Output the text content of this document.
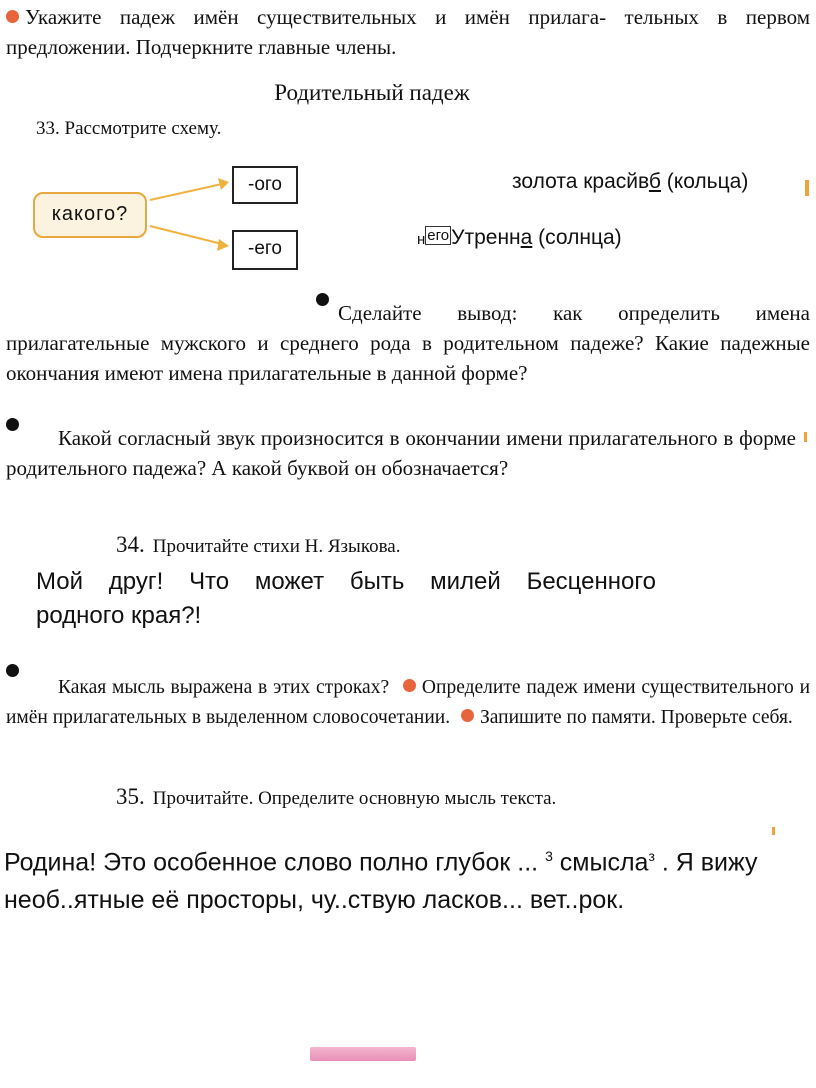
Укажите падеж имён существительных и имён прилага- тельных в первом предложении. Подчеркните главные члены.
Родительный падеж
33. Рассмотрите схему.
какого?
-ого
-его
золота красйвб (кольца)
н егоУтренна (солнца)
Сделайте вывод: как определить имена прилагательные мужского и среднего рода в родительном падеже? Какие падежные окончания имеют имена прилагательные в данной форме?
Какой согласный звук произносится в окончании имени прилагательного в форме родительного падежа? А какой буквой он обозначается?
34. Прочитайте стихи Н. Языкова.
Мой друг! Что может быть милей Бесценного
родного края?!
Какая мысль выражена в этих строках? Определите падеж имени существительного и имён прилагательных в выделенном словосочетании. Запишите по памяти. Проверьте себя.
35. Прочитайте. Определите основную мысль текста.
Родина! Это особенное слово полно глубок ... $^3$ смысла$^з$ . Я вижу необ..ятные её просторы, чу..ствую ласков... вет..рок.
